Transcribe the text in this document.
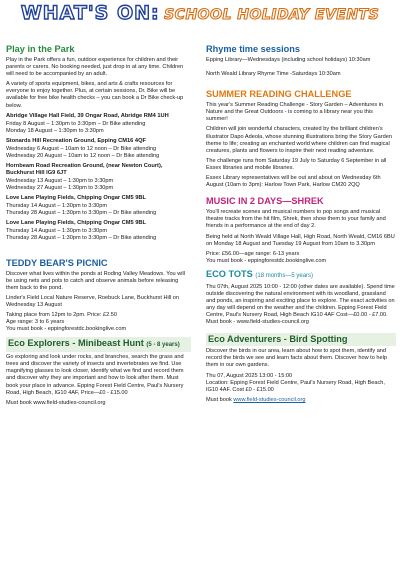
WHAT'S ON: SCHOOL HOLIDAY EVENTS
Play in the Park

Play in the Park offers a fun, outdoor experience for children and their parents or carers. No booking needed, just drop in at any time. Children will need to be accompanied by an adult.

A variety of sports equipment, bikes, and arts & crafts resources for everyone to enjoy together. Plus, at certain sessions, Dr. Bike will be available for free bike health checks – you can book a Dr Bike check-up below.

Abridge Village Hall Field, 39 Ongar Road, Abridge RM4 1UH
Friday 8 August – 1:30pm to 3:30pm – Dr Bike attending
Monday 18 August – 1:30pm to 3:30pm
Stonards Hill Recreation Ground, Epping CM16 4QF
Wednesday 6 August – 10am to 12 noon – Dr Bike attending
Wednesday 20 August – 10am to 12 noon – Dr Bike attending
Hornbeam Road Recreation Ground, (near Newton Court), Buckhurst Hill IG9 6JT
Wednesday 13 August – 1:30pm to 3:30pm
Wednesday 27 August – 1:30pm to 3:30pm
Love Lane Playing Fields, Chipping Ongar CM5 9BL
Thursday 14 August – 1:30pm to 3:30pm
Thursday 28 August – 1:30pm to 3:30pm – Dr Bike attending
Love Lane Playing Fields, Chipping Ongar CM5 9BL
Thursday 14 August – 1:30pm to 3:30pm
Thursday 28 August – 1:30pm to 3:30pm – Dr Bike attending
TEDDY BEAR'S PICNIC

Discover what lives within the ponds at Roding Valley Meadows. You will be using nets and pots to catch and observe animals before releasing them back to the pond.

Linder's Field Local Nature Reserve, Roebuck Lane, Buckhurst Hill on Wednesday 13 August

Taking place from 12pm to 2pm. Price: £2.50
Age range: 3 to 6 years
You must book - eppingforestdc.bookinglive.com
Eco Explorers - Minibeast Hunt (5 - 8 years)

Go exploring and look under rocks, and branches, search the grass and trees and discover the variety of insects and invertebrates we find. Use magnifying glasses to look closer, identify what we find and record them and discover why they are important and how to look after them. Must book your place in advance. Epping Forest Field Centre, Paul's Nursery Road, High Beach, IG10 4AF, Price—£0 - £15.00

Must book www.field-studies-council.org
Rhyme time sessions

Epping Library—Wednesdays (including school holidays) 10:30am

North Weald Library Rhyme Time -Saturdays 10:30am

SUMMER READING CHALLENGE

This year's Summer Reading Challenge - Story Garden – Adventures in Nature and the Great Outdoors - is coming to a library near you this summer!

Children will join wonderful characters, created by the brilliant children's illustrator Dapo Adeola, whose stunning illustrations bring the Story Garden theme to life; creating an enchanted world where children can find magical creatures, plants and flowers to inspire their next reading adventure.

The challenge runs from Saturday 19 July to Saturday 6 September in all Essex libraries and mobile libraries.

Essex Library representatives will be out and about on Wednesday 6th August (10am to 3pm): Harlow Town Park, Harlow CM20 2QQ

MUSIC IN 2 DAYS—SHREK

You'll recreate scenes and musical numbers to pop songs and musical theatre tracks from the hit film, Shrek, then show them to your family and friends in a performance at the end of day 2.

Being held at North Weald Village Hall, High Road, North Weald, CM16 6BU on Monday 18 August and Tuesday 19 August from 10am to 3.30pm

Price: £56.00—age range: 6-13 years
You must book - eppingforestdc.bookinglive.com
ECO TOTS (18 months—5 years)

Thu 07th, August 2025 10:00 - 12:00 (other dates are available). Spend time outside discovering the natural environment with its woodland, grassland and ponds, an inspiring and exciting place to explore. The exact activities on any day will depend on the weather and the children. Epping Forest Field Centre, Paul's Nursery Road, High Beach IG10 4AF Cost—£0.00 - £7.00. Must book - www.field-studies-council.org

Eco Adventurers - Bird Spotting

Discover the birds in our area, learn about how to spot them, identify and record the birds we see and learn facts about them. Discover how to help them in our own gardens.

Thu 07, August 2025 13:00 - 15:00

Location: Epping Forest Field Centre, Paul's Nursery Road, High Beach, IG10 4AF. Cost £0 - £15.00

Must book www.field-studies-council.org
